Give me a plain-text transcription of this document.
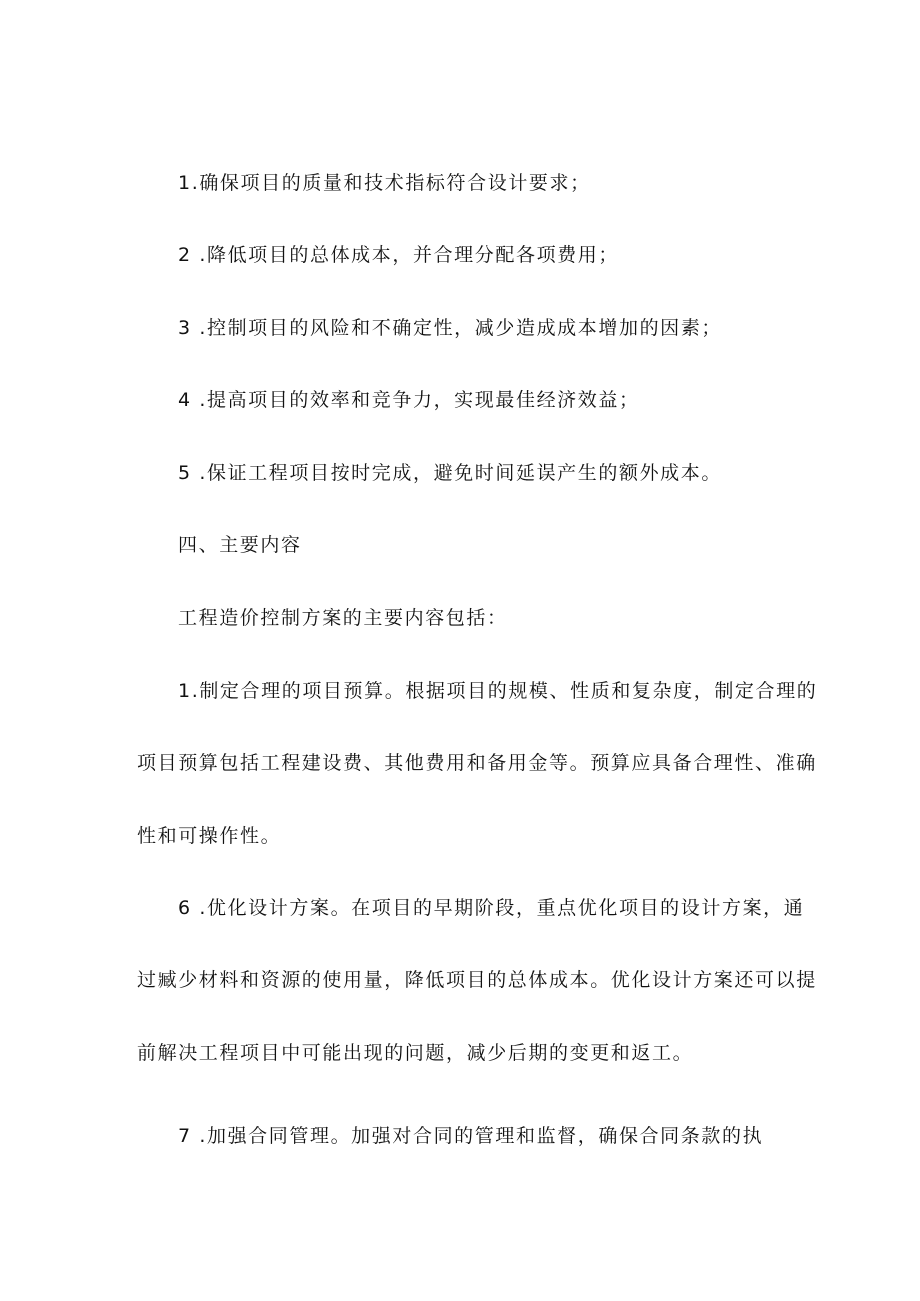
1.确保项目的质量和技术指标符合设计要求；
2 .降低项目的总体成本，并合理分配各项费用；
3 .控制项目的风险和不确定性，减少造成成本增加的因素；
4 .提高项目的效率和竞争力，实现最佳经济效益；
5 .保证工程项目按时完成，避免时间延误产生的额外成本。
四、主要内容
工程造价控制方案的主要内容包括：
1.制定合理的项目预算。根据项目的规模、性质和复杂度，制定合理的
项目预算包括工程建设费、其他费用和备用金等。预算应具备合理性、准确
性和可操作性。
6 .优化设计方案。在项目的早期阶段，重点优化项目的设计方案，通
过臧少材料和资源的使用量，降低项目的总体成本。优化设计方案还可以提
前解决工程项目中可能出现的问题，减少后期的变更和返工。
7 .加强合同管理。加强对合同的管理和监督，确保合同条款的执
